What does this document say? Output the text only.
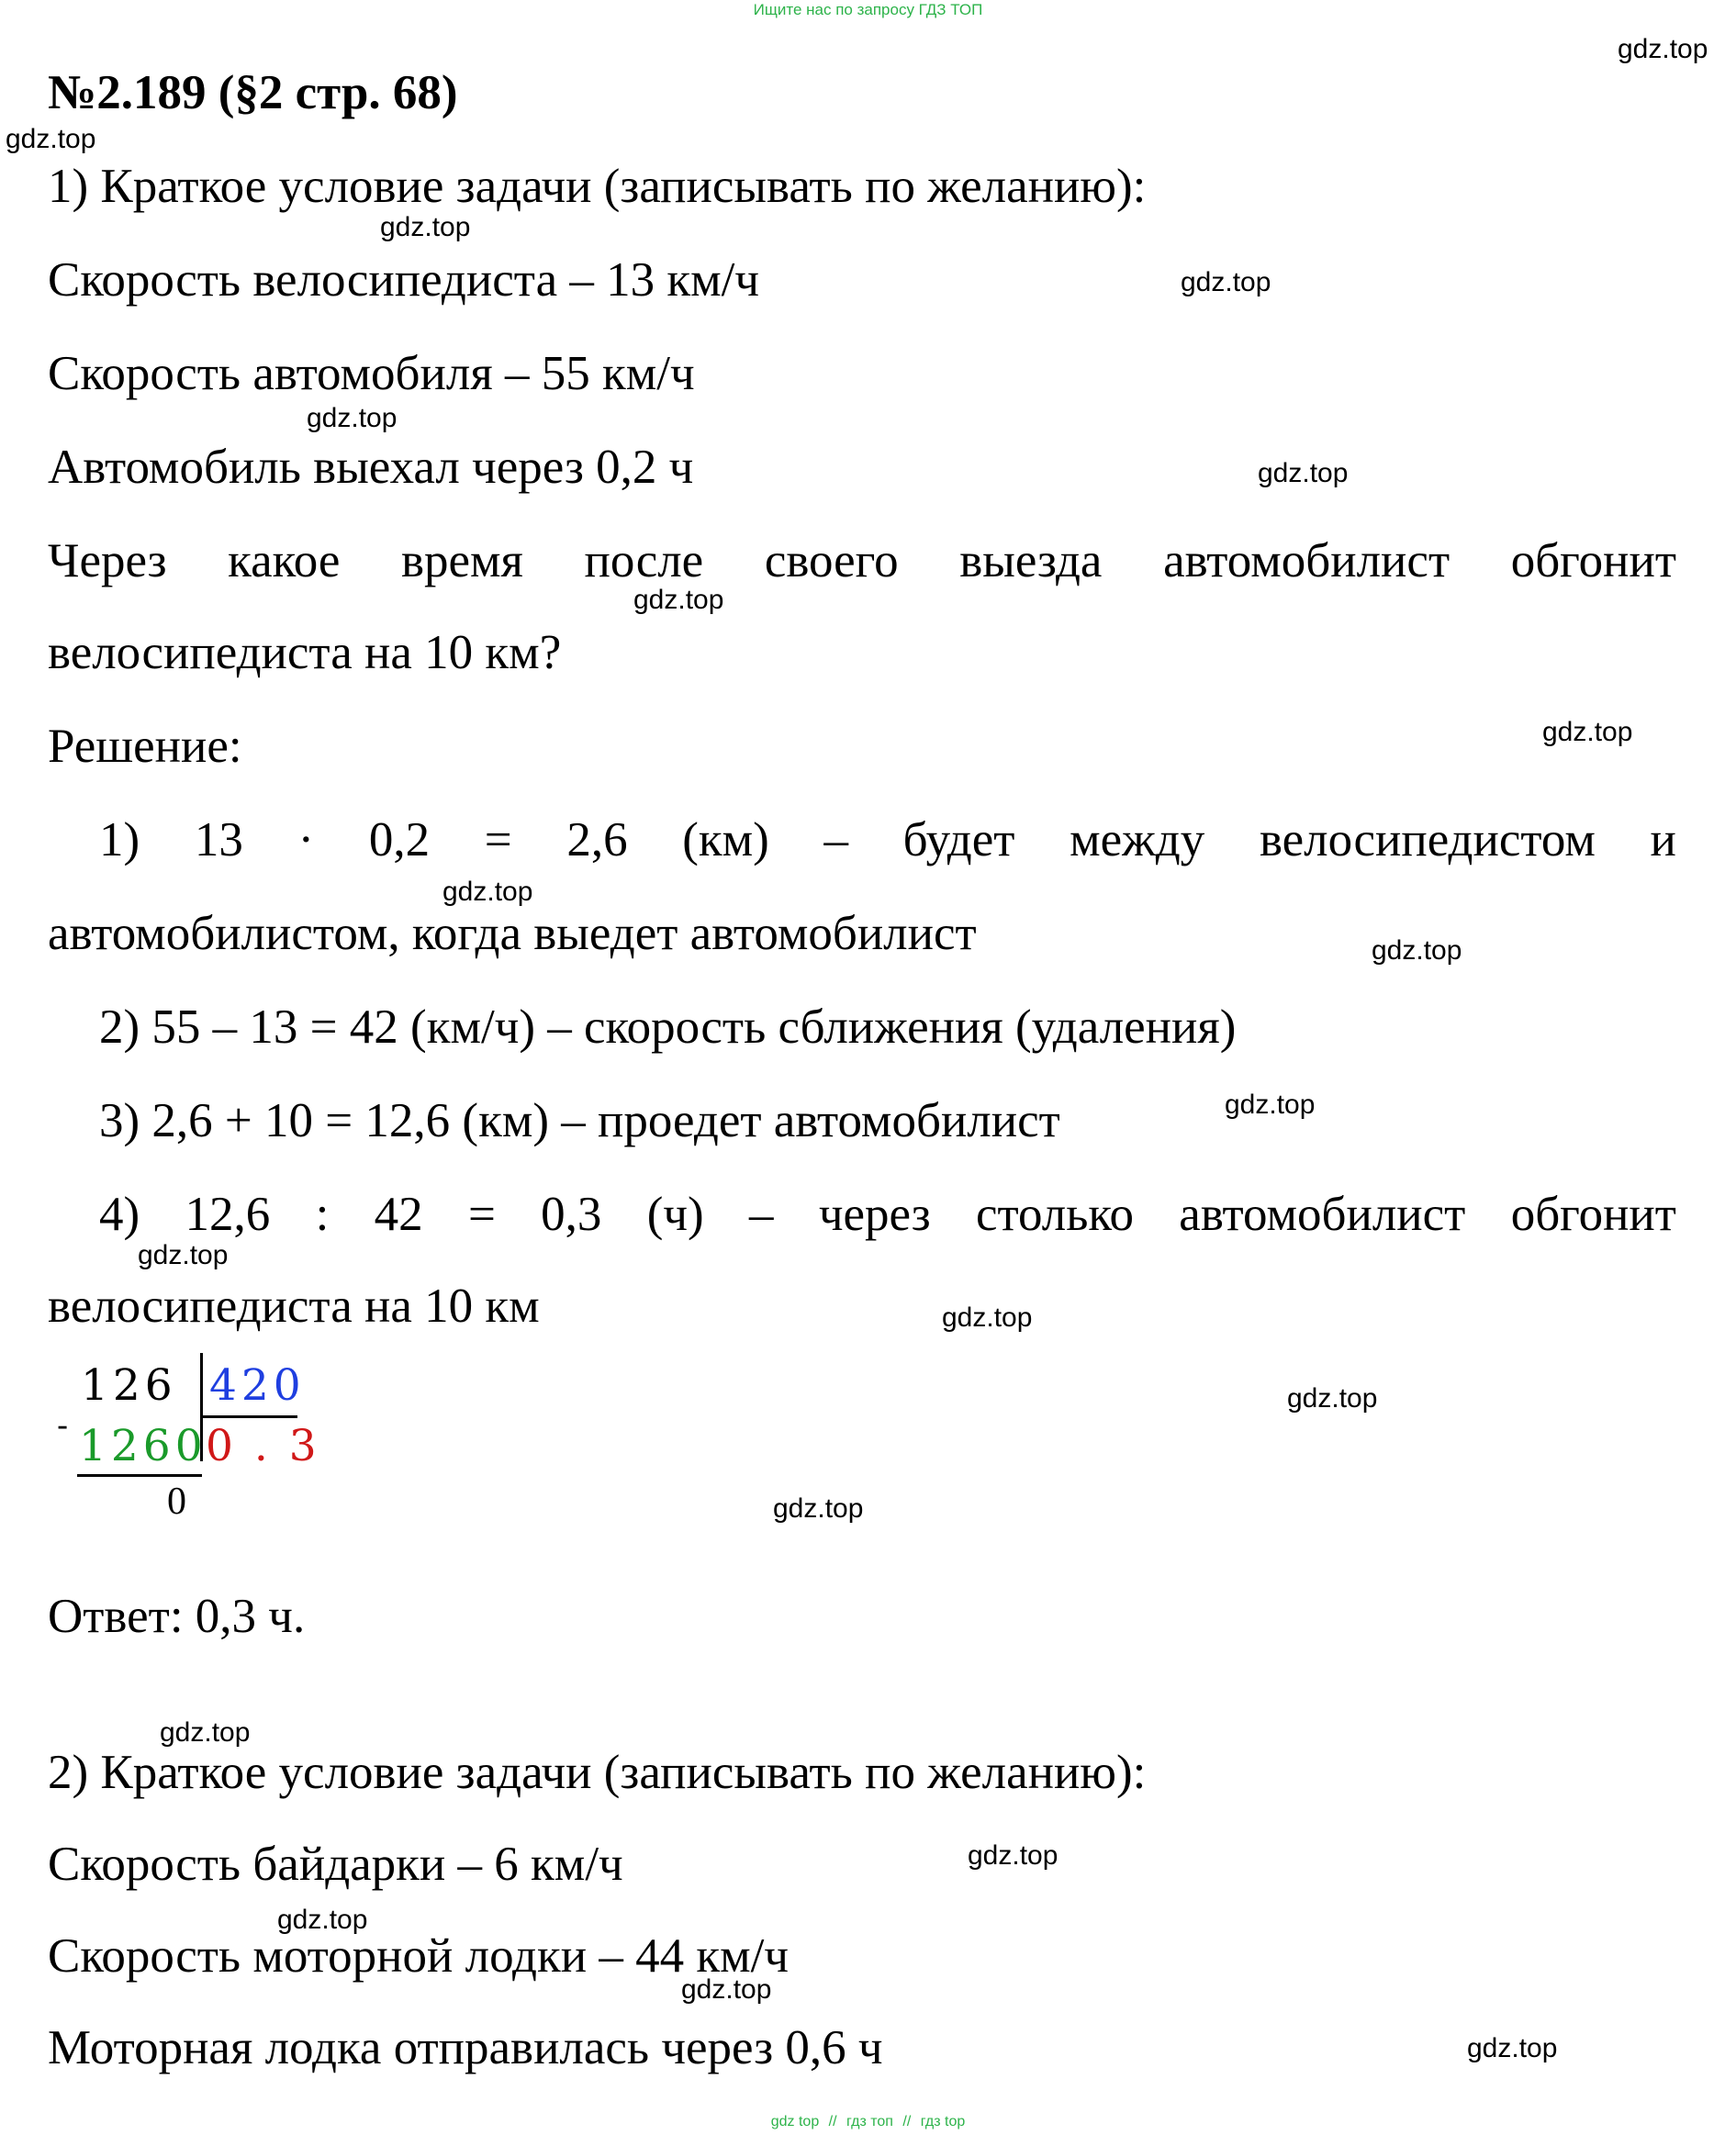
Ищите нас по запросу ГДЗ ТОП
№2.189 (§2 стр. 68)
1) Краткое условие задачи (записывать по желанию):
Скорость велосипедиста – 13 км/ч
Скорость автомобиля – 55 км/ч
Автомобиль выехал через 0,2 ч
Через какое время после своего выезда автомобилист обгонит
велосипедиста на 10 км?
Решение:
1) 13 · 0,2 = 2,6 (км) – будет между велосипедистом и
автомобилистом, когда выедет автомобилист
2) 55 – 13 = 42 (км/ч) – скорость сближения (удаления)
3) 2,6 + 10 = 12,6 (км) – проедет автомобилист
4) 12,6 : 42 = 0,3 (ч) – через столько автомобилист обгонит
велосипедиста на 10 км
126 420
- 1260
0 . 3
0
Ответ: 0,3 ч.
2) Краткое условие задачи (записывать по желанию):
Скорость байдарки – 6 км/ч
Скорость моторной лодки – 44 км/ч
Моторная лодка отправилась через 0,6 ч
gdz.top
gdz.top
gdz.top
gdz.top
gdz.top
gdz.top
gdz.top
gdz.top
gdz.top
gdz.top
gdz.top
gdz.top
gdz.top
gdz.top
gdz.top
gdz.top
gdz.top
gdz.top
gdz.top
gdz.top
gdz top // гдз топ // гдз top
